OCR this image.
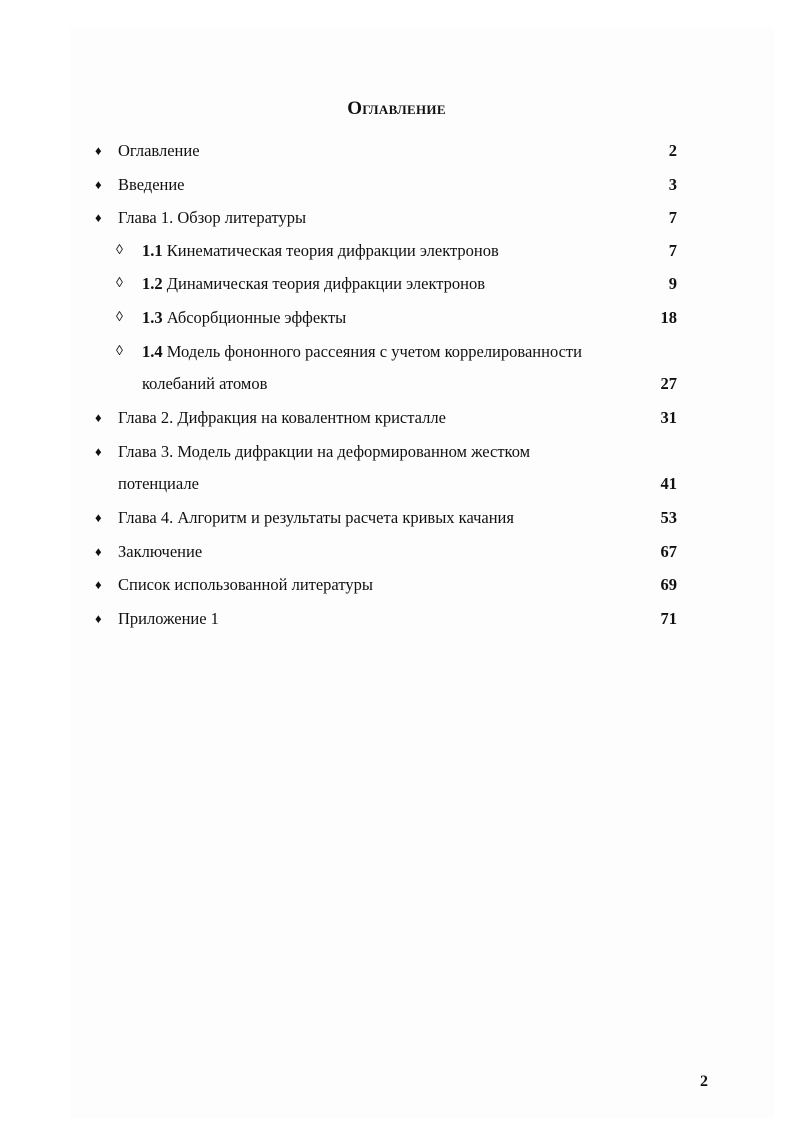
Оглавление
♦ Оглавление	2
♦ Введение	3
♦ Глава 1. Обзор литературы	7
◊ 1.1 Кинематическая теория дифракции электронов	7
◊ 1.2 Динамическая теория дифракции электронов	9
◊ 1.3 Абсорбционные эффекты	18
◊ 1.4 Модель фононного рассеяния с учетом коррелированности
колебаний атомов	27
♦ Глава 2. Дифракция на ковалентном кристалле	31
♦ Глава 3. Модель дифракции на деформированном жестком
потенциале	41
♦ Глава 4. Алгоритм и результаты расчета кривых качания	53
♦ Заключение	67
♦ Список использованной литературы	69
♦ Приложение 1	71
2
